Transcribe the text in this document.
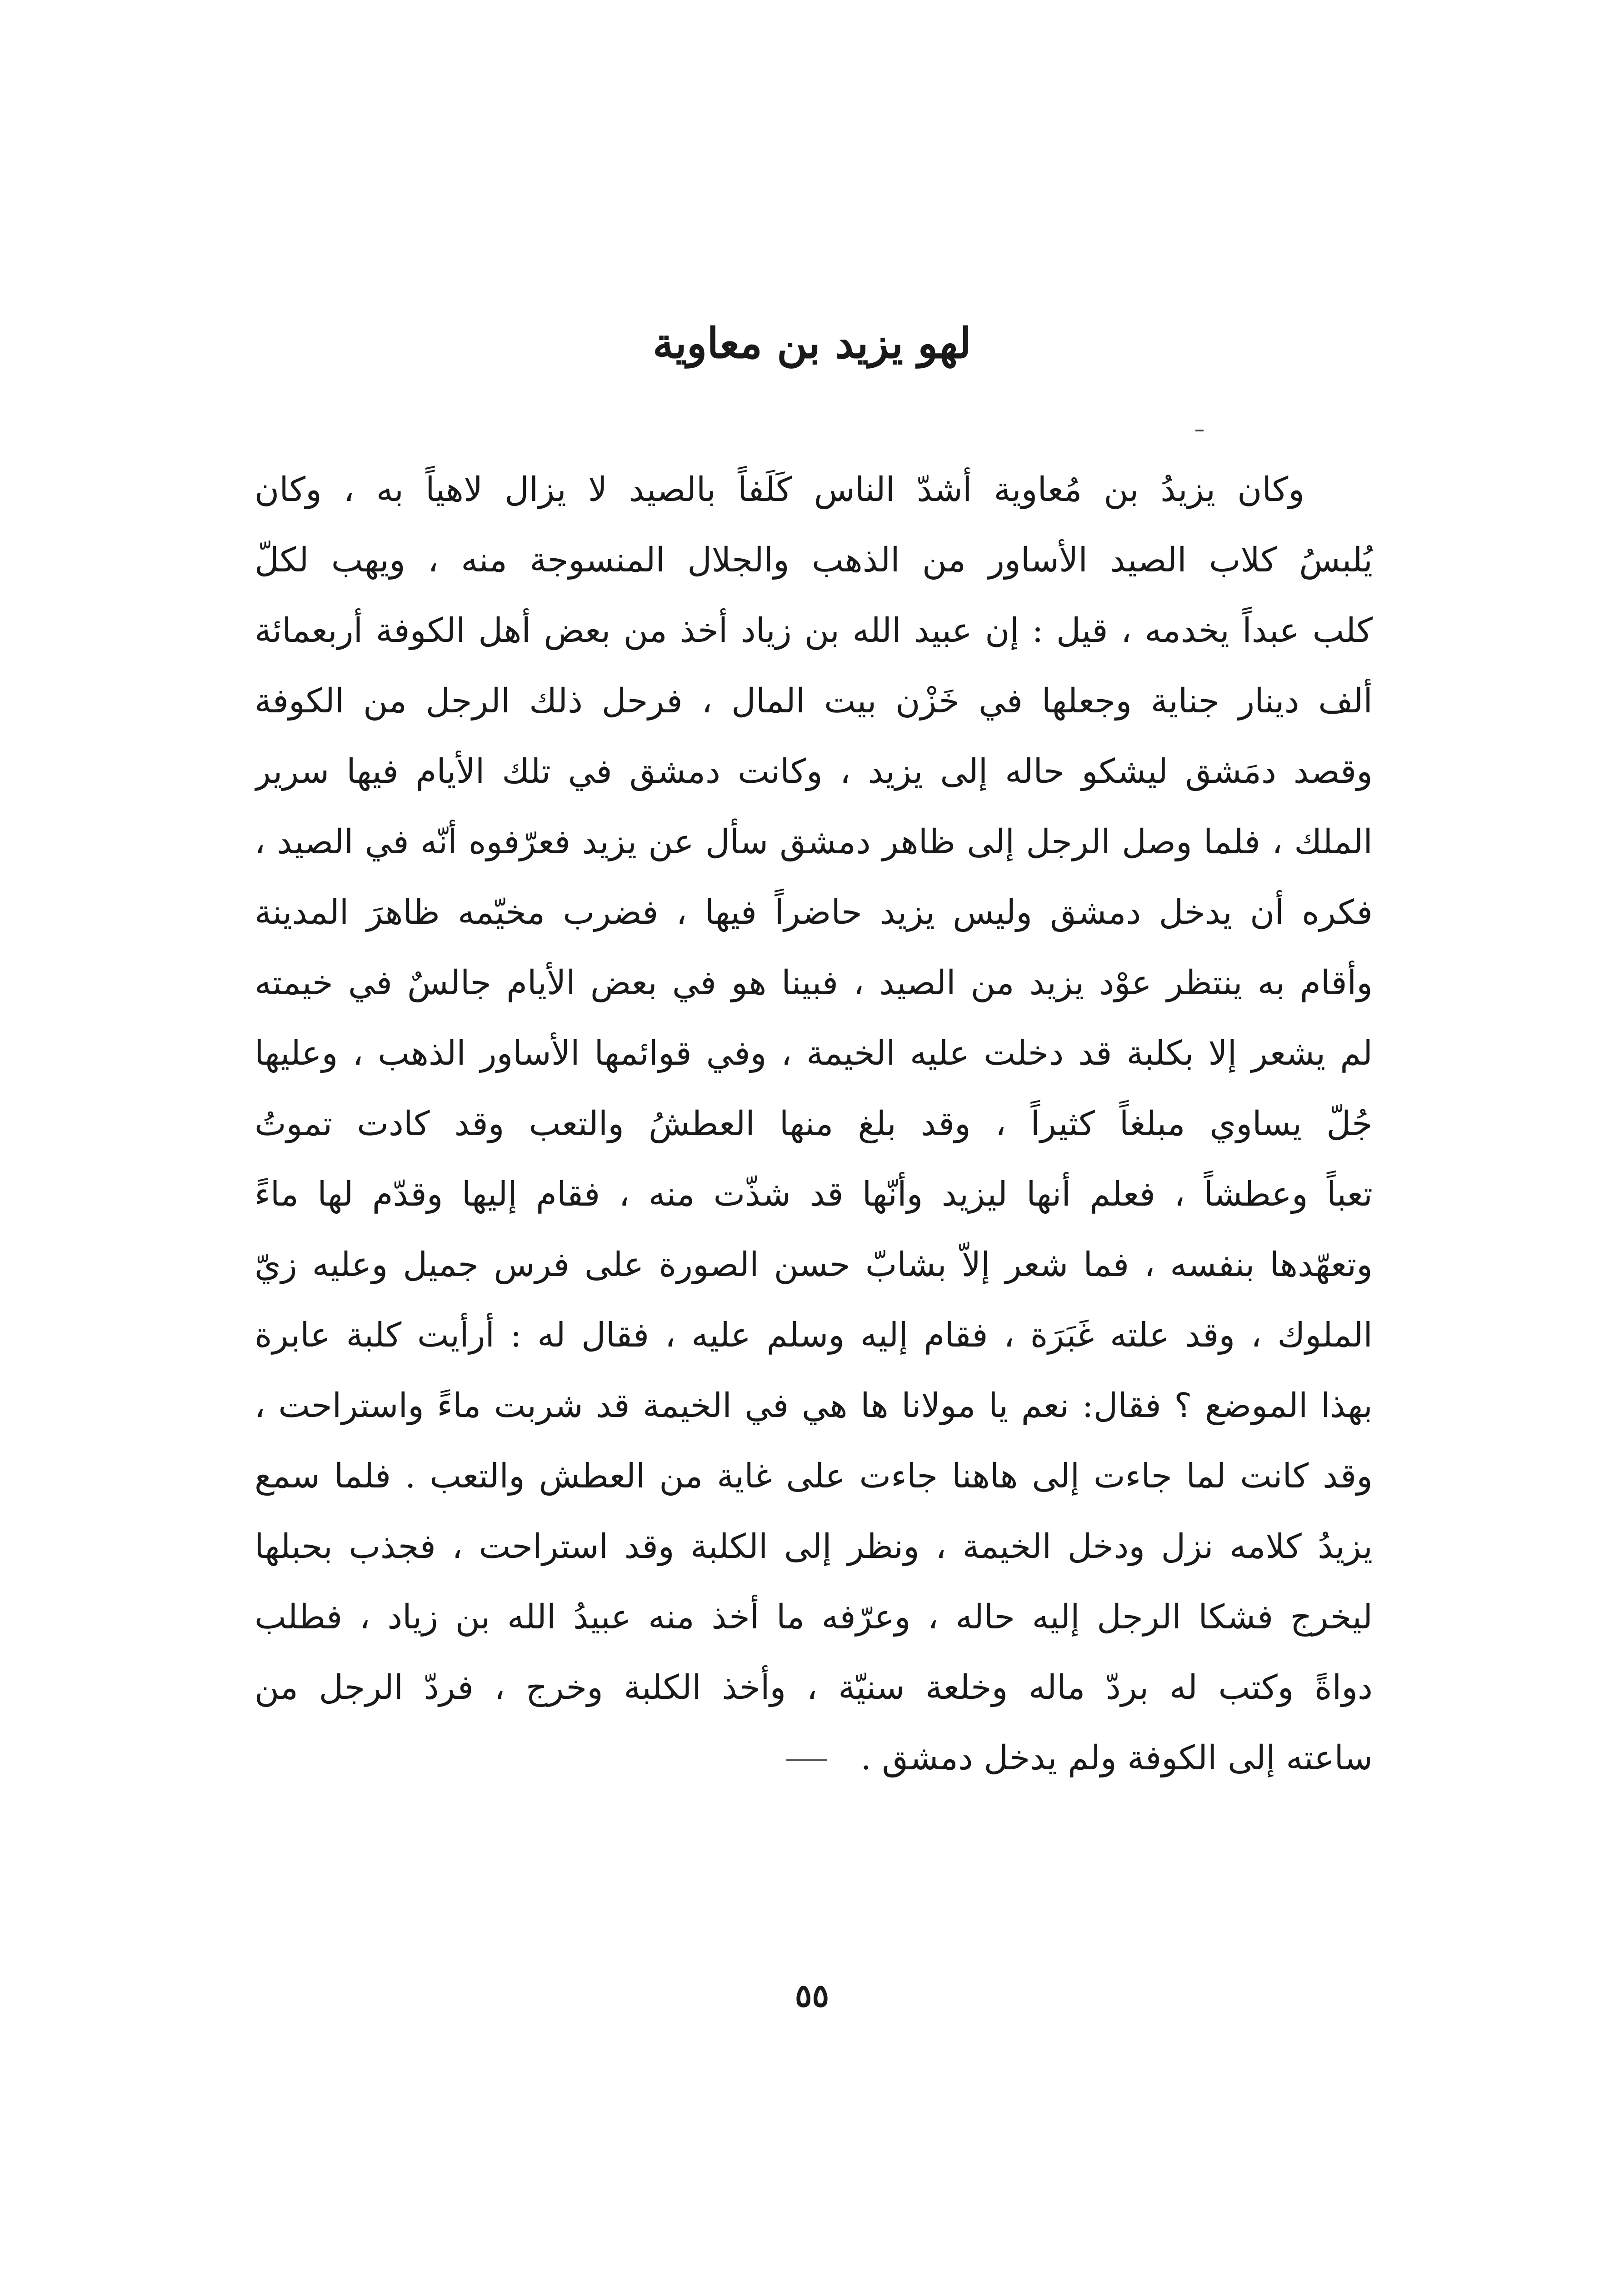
لهو يزيد بن معاوية
وكان يزيدُ بن مُعاوية أشدّ الناس كَلَفاً بالصيد لا يزال لاهياً به ، وكان
يُلبسُ كلاب الصيد الأساور من الذهب والجلال المنسوجة منه ، ويهب لكلّ
كلب عبداً يخدمه ، قيل : إن عبيد الله بن زياد أخذ من بعض أهل الكوفة أربعمائة
ألف دينار جناية وجعلها في خَزْن بيت المال ، فرحل ذلك الرجل من الكوفة
وقصد دمَشق ليشكو حاله إلى يزيد ، وكانت دمشق في تلك الأيام فيها سرير
الملك ، فلما وصل الرجل إلى ظاهر دمشق سأل عن يزيد فعرّفوه أنّه في الصيد ،
فكره أن يدخل دمشق وليس يزيد حاضراً فيها ، فضرب مخيّمه ظاهرَ المدينة
وأقام به ينتظر عوْد يزيد من الصيد ، فبينا هو في بعض الأيام جالسٌ في خيمته
لم يشعر إلا بكلبة قد دخلت عليه الخيمة ، وفي قوائمها الأساور الذهب ، وعليها
جُلّ يساوي مبلغاً كثيراً ، وقد بلغ منها العطشُ والتعب وقد كادت تموتُ
تعباً وعطشاً ، فعلم أنها ليزيد وأنّها قد شذّت منه ، فقام إليها وقدّم لها ماءً
وتعهّدها بنفسه ، فما شعر إلاّ بشابّ حسن الصورة على فرس جميل وعليه زيّ
الملوك ، وقد علته غَبَرَة ، فقام إليه وسلم عليه ، فقال له : أرأيت كلبة عابرة
بهذا الموضع ؟ فقال: نعم يا مولانا ها هي في الخيمة قد شربت ماءً واستراحت ،
وقد كانت لما جاءت إلى هاهنا جاءت على غاية من العطش والتعب . فلما سمع
يزيدُ كلامه نزل ودخل الخيمة ، ونظر إلى الكلبة وقد استراحت ، فجذب بحبلها
ليخرج فشكا الرجل إليه حاله ، وعرّفه ما أخذ منه عبيدُ الله بن زياد ، فطلب
دواةً وكتب له بردّ ماله وخلعة سنيّة ، وأخذ الكلبة وخرج ، فردّ الرجل من
ساعته إلى الكوفة ولم يدخل دمشق .
٥٥
